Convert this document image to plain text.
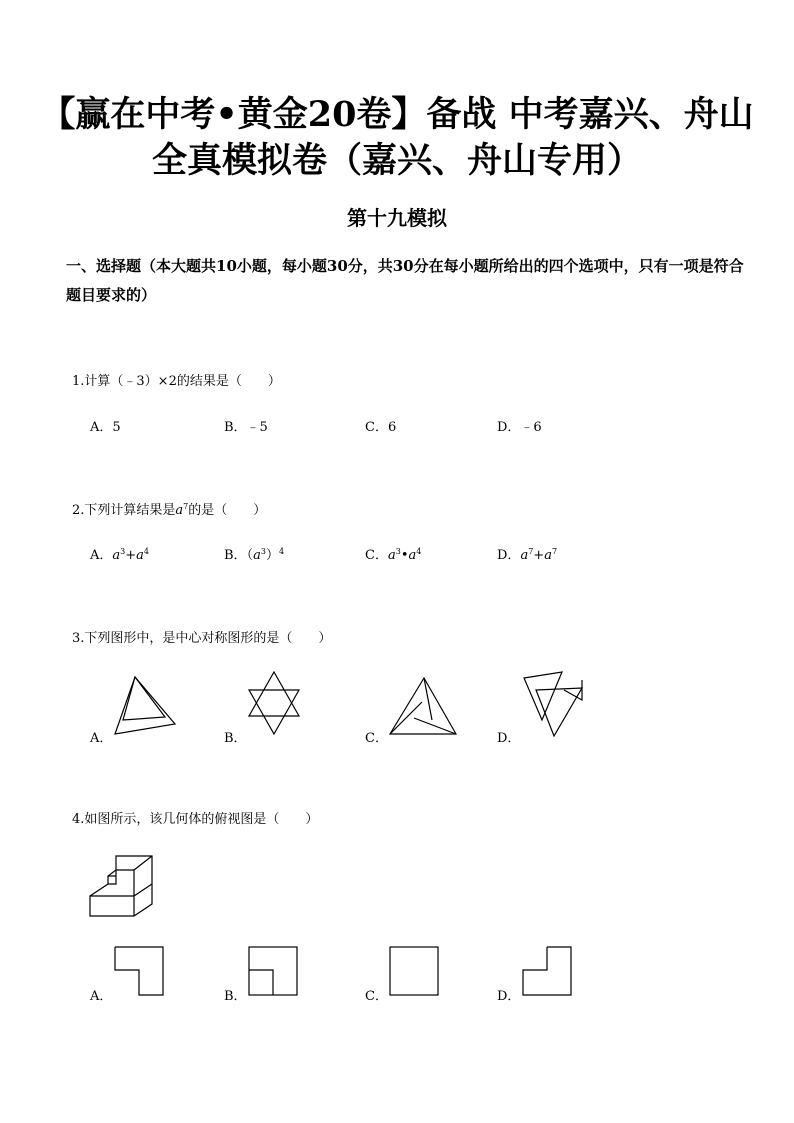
【赢在中考•黄金20卷】备战 中考嘉兴、舟山
全真模拟卷（嘉兴、舟山专用）
第十九模拟
一、选择题（本大题共10小题，每小题30分，共30分在每小题所给出的四个选项中，只有一项是符合题目要求的）
1.计算（﹣3）×2的结果是（　　）
A．5	B．﹣5	C．6	D．﹣6
2.下列计算结果是$a^7$的是（　　）
A．$a^3+a^4$	B．$(a^3)^4$	C．$a^3•a^4$	D．$a^7+a^7$
3.下列图形中，是中心对称图形的是（　　）
A．	B．	C．	D．
4.如图所示，该几何体的俯视图是（　　）
A．	B．	C．	D．
